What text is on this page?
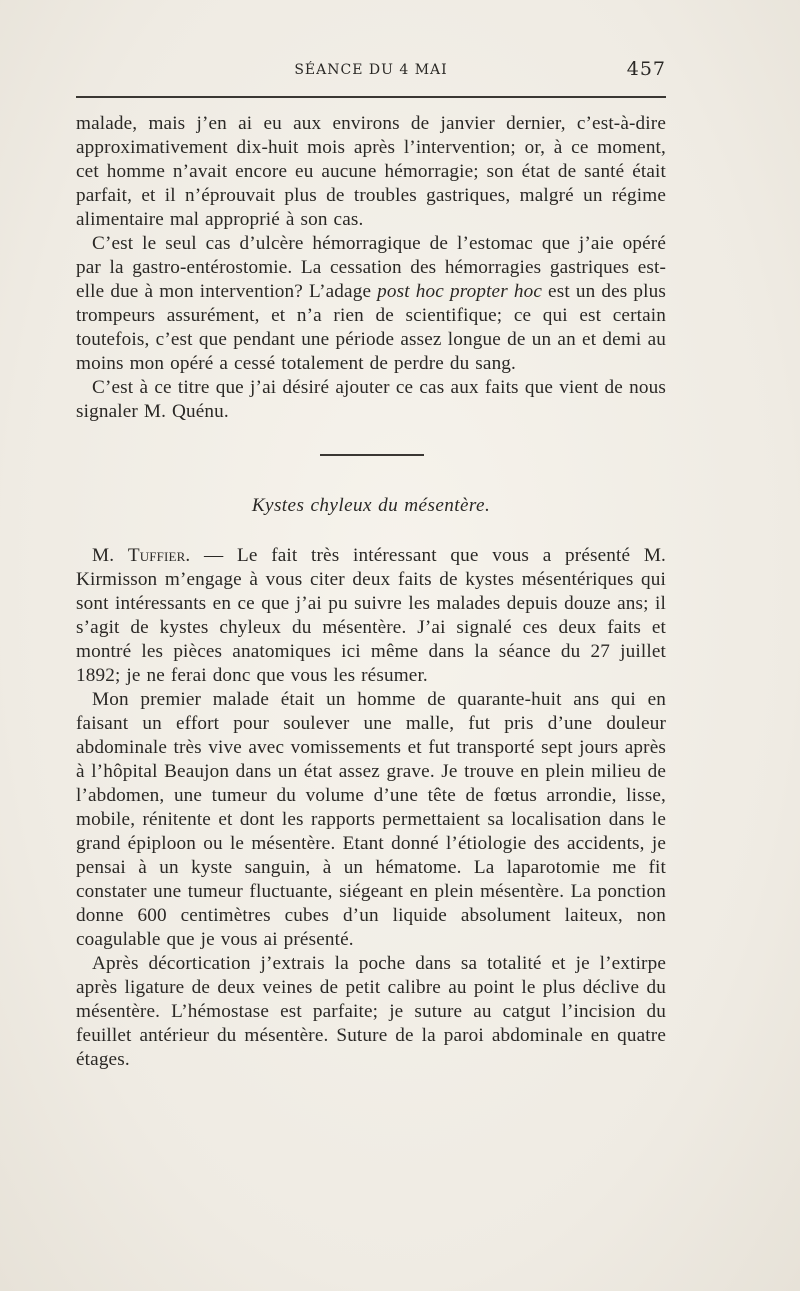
SÉANCE DU 4 MAI	457

malade, mais j’en ai eu aux environs de janvier dernier, c’est-à-dire approximativement dix-huit mois après l’intervention; or, à ce moment, cet homme n’avait encore eu aucune hémorragie; son état de santé était parfait, et il n’éprouvait plus de troubles gastriques, malgré un régime alimentaire mal approprié à son cas.

C’est le seul cas d’ulcère hémorragique de l’estomac que j’aie opéré par la gastro-entérostomie. La cessation des hémorragies gastriques est-elle due à mon intervention? L’adage post hoc propter hoc est un des plus trompeurs assurément, et n’a rien de scientifique; ce qui est certain toutefois, c’est que pendant une période assez longue de un an et demi au moins mon opéré a cessé totalement de perdre du sang.

C’est à ce titre que j’ai désiré ajouter ce cas aux faits que vient de nous signaler M. Quénu.

Kystes chyleux du mésentère.

M. Tuffier. — Le fait très intéressant que vous a présenté M. Kirmisson m’engage à vous citer deux faits de kystes mésentériques qui sont intéressants en ce que j’ai pu suivre les malades depuis douze ans; il s’agit de kystes chyleux du mésentère. J’ai signalé ces deux faits et montré les pièces anatomiques ici même dans la séance du 27 juillet 1892; je ne ferai donc que vous les résumer.

Mon premier malade était un homme de quarante-huit ans qui en faisant un effort pour soulever une malle, fut pris d’une douleur abdominale très vive avec vomissements et fut transporté sept jours après à l’hôpital Beaujon dans un état assez grave. Je trouve en plein milieu de l’abdomen, une tumeur du volume d’une tête de fœtus arrondie, lisse, mobile, rénitente et dont les rapports permettaient sa localisation dans le grand épiploon ou le mésentère. Etant donné l’étiologie des accidents, je pensai à un kyste sanguin, à un hématome. La laparotomie me fit constater une tumeur fluctuante, siégeant en plein mésentère. La ponction donne 600 centimètres cubes d’un liquide absolument laiteux, non coagulable que je vous ai présenté.

Après décortication j’extrais la poche dans sa totalité et je l’extirpe après ligature de deux veines de petit calibre au point le plus déclive du mésentère. L’hémostase est parfaite; je suture au catgut l’incision du feuillet antérieur du mésentère. Suture de la paroi abdominale en quatre étages.
